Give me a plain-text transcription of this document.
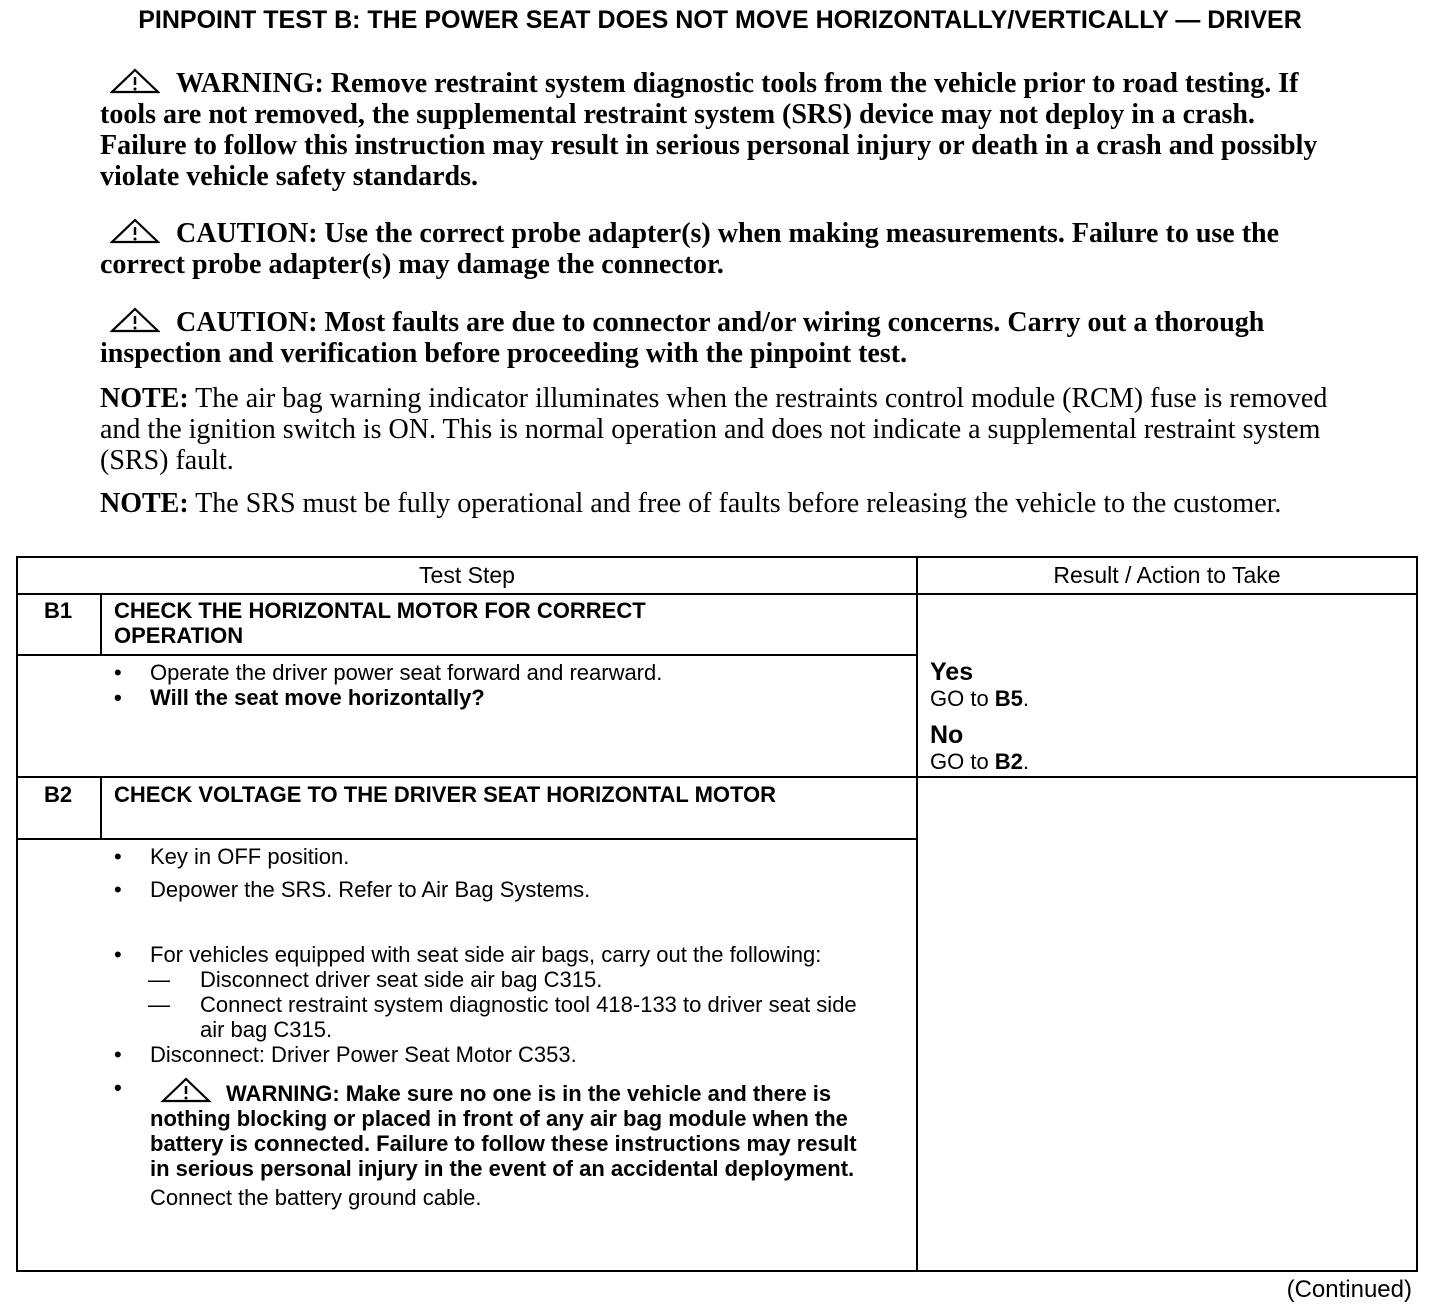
PINPOINT TEST B: THE POWER SEAT DOES NOT MOVE HORIZONTALLY/VERTICALLY — DRIVER
WARNING: Remove restraint system diagnostic tools from the vehicle prior to road testing. If tools are not removed, the supplemental restraint system (SRS) device may not deploy in a crash. Failure to follow this instruction may result in serious personal injury or death in a crash and possibly violate vehicle safety standards.
CAUTION: Use the correct probe adapter(s) when making measurements. Failure to use the correct probe adapter(s) may damage the connector.
CAUTION: Most faults are due to connector and/or wiring concerns. Carry out a thorough inspection and verification before proceeding with the pinpoint test.
NOTE: The air bag warning indicator illuminates when the restraints control module (RCM) fuse is removed and the ignition switch is ON. This is normal operation and does not indicate a supplemental restraint system (SRS) fault.
NOTE: The SRS must be fully operational and free of faults before releasing the vehicle to the customer.
Test Step	Result / Action to Take
B1	CHECK THE HORIZONTAL MOTOR FOR CORRECT OPERATION
• Operate the driver power seat forward and rearward.
• Will the seat move horizontally?
Yes
GO to B5.
No
GO to B2.
B2	CHECK VOLTAGE TO THE DRIVER SEAT HORIZONTAL MOTOR
• Key in OFF position.
• Depower the SRS. Refer to Air Bag Systems.
• For vehicles equipped with seat side air bags, carry out the following:
— Disconnect driver seat side air bag C315.
— Connect restraint system diagnostic tool 418-133 to driver seat side air bag C315.
• Disconnect: Driver Power Seat Motor C353.
• WARNING: Make sure no one is in the vehicle and there is nothing blocking or placed in front of any air bag module when the battery is connected. Failure to follow these instructions may result in serious personal injury in the event of an accidental deployment.
Connect the battery ground cable.
(Continued)
